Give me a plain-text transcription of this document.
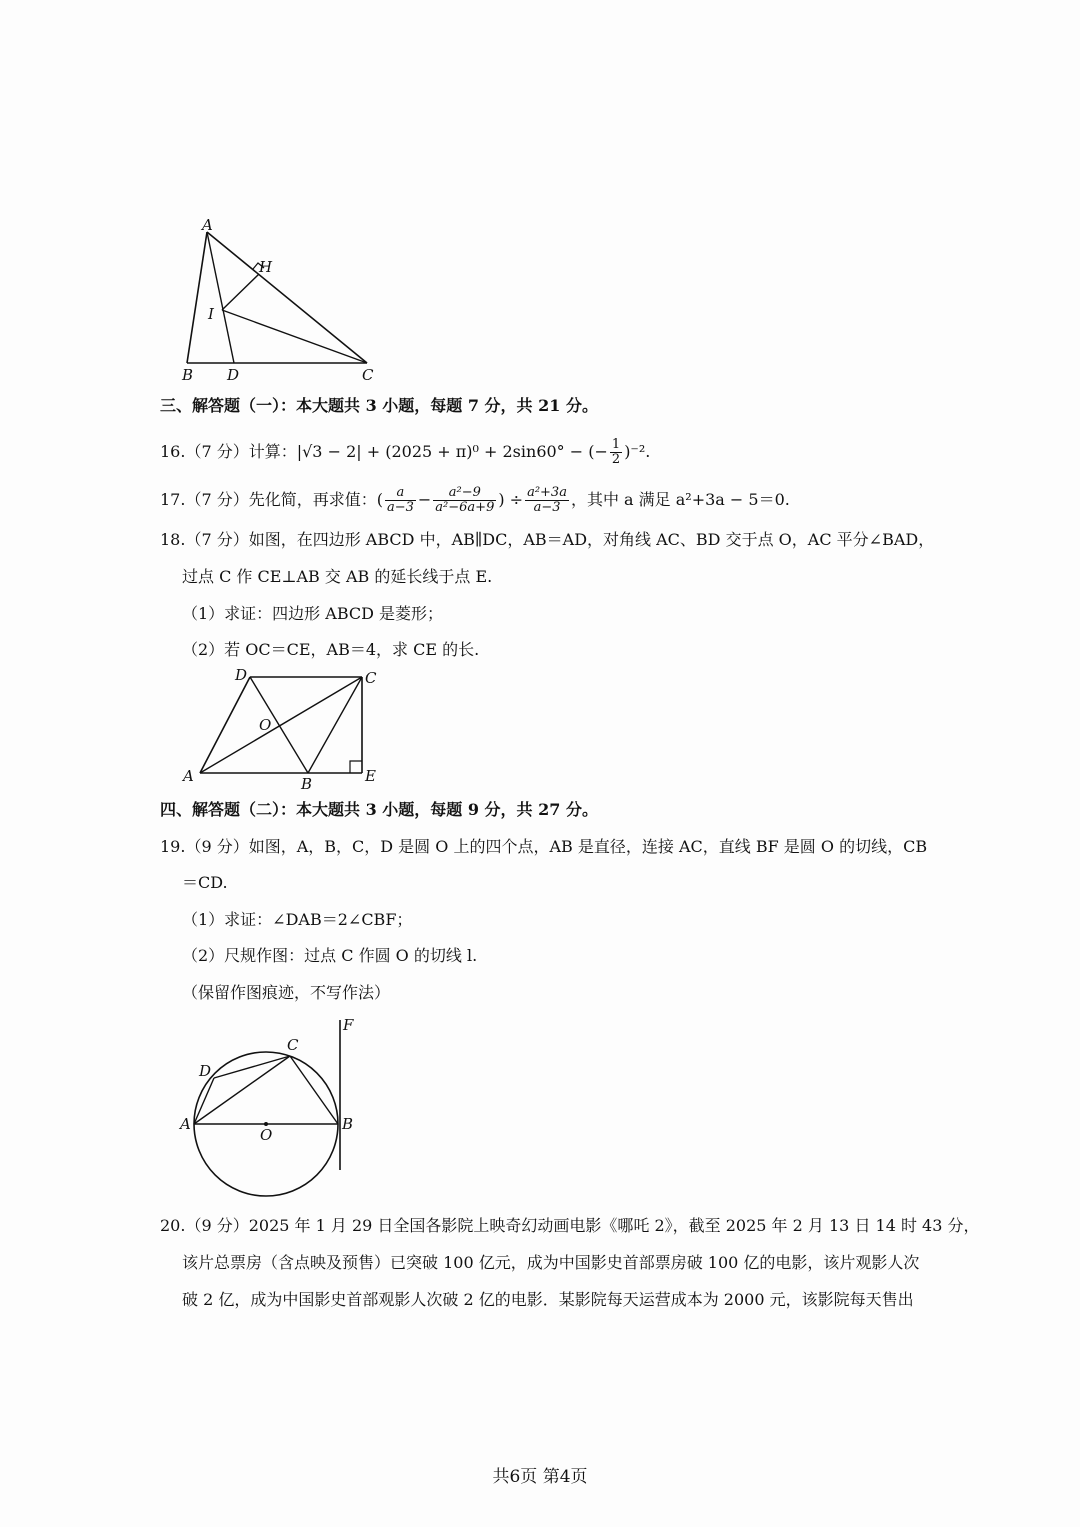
A
H
I
B D	C
三、解答题（一）：本大题共 3 小题，每题 7 分，共 21 分。
16.（7 分）计算：|√3 − 2| + (2025 + π)⁰ + 2sin60° − (− $\frac{1}{2} )^{-2}$.
17.（7 分）先化简，再求值：( $\frac{a}{a-3} - \frac{\text{a²−9}}{\text{a²−6a+9}}$ ) ÷ $\frac{\text{a²+3a}}{a-3}$ ，其中 a 满足 a²+3a − 5＝0.
18.（7 分）如图，在四边形 ABCD 中，AB∥DC，AB＝AD，对角线 AC、BD 交于点 O，AC 平分∠BAD，
过点 C 作 CE⊥AB 交 AB 的延长线于点 E.
（1）求证：四边形 ABCD 是菱形；
（2）若 OC＝CE，AB＝4，求 CE 的长.
D	C
O
A	B	E
四、解答题（二）：本大题共 3 小题，每题 9 分，共 27 分。
19.（9 分）如图，A，B，C，D 是圆 O 上的四个点，AB 是直径，连接 AC，直线 BF 是圆 O 的切线，CB
＝CD.
（1）求证：∠DAB＝2∠CBF；
（2）尺规作图：过点 C 作圆 O 的切线 l.
（保留作图痕迹，不写作法）
F
C
D
A
O
B
20.（9 分）2025 年 1 月 29 日全国各影院上映奇幻动画电影《哪吒 2》，截至 2025 年 2 月 13 日 14 时 43 分，
该片总票房（含点映及预售）已突破 100 亿元，成为中国影史首部票房破 100 亿的电影，该片观影人次
破 2 亿，成为中国影史首部观影人次破 2 亿的电影．某影院每天运营成本为 2000 元，该影院每天售出
共6页 第4页
